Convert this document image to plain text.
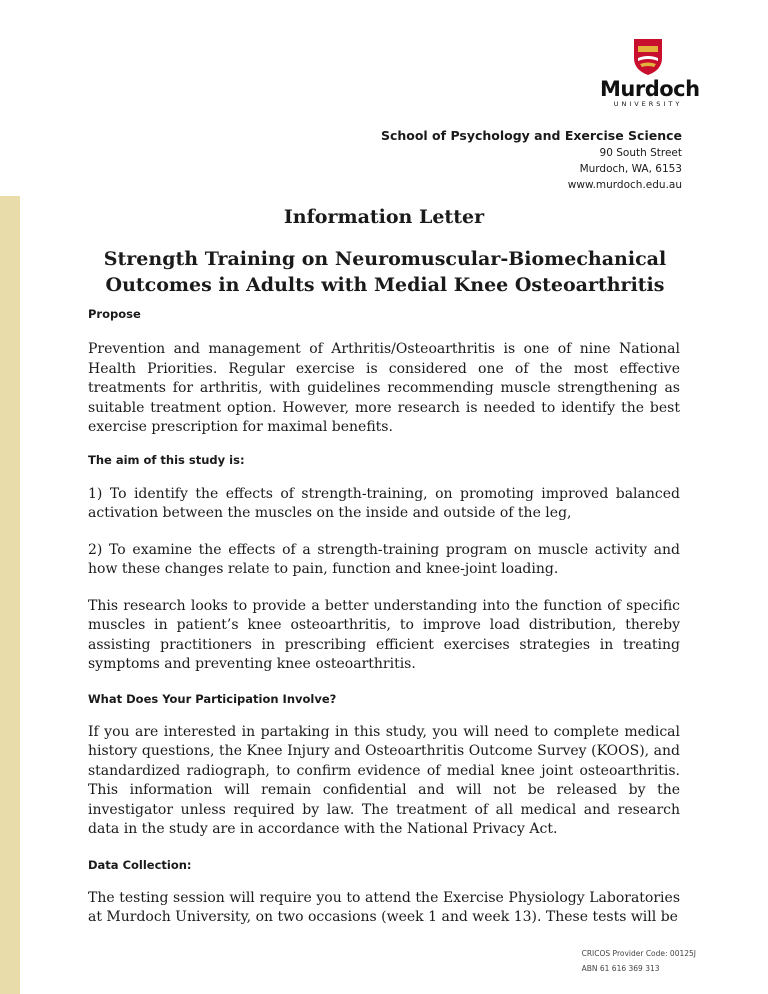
Murdoch
UNIVERSITY
School of Psychology and Exercise Science
90 South Street
Murdoch, WA, 6153
www.murdoch.edu.au
Information Letter
Strength Training on Neuromuscular-Biomechanical Outcomes in Adults with Medial Knee Osteoarthritis

Propose

Prevention and management of Arthritis/Osteoarthritis is one of nine National Health Priorities. Regular exercise is considered one of the most effective treatments for arthritis, with guidelines recommending muscle strengthening as suitable treatment option. However, more research is needed to identify the best exercise prescription for maximal benefits.

The aim of this study is:

1) To identify the effects of strength-training, on promoting improved balanced activation between the muscles on the inside and outside of the leg,

2) To examine the effects of a strength-training program on muscle activity and how these changes relate to pain, function and knee-joint loading.

This research looks to provide a better understanding into the function of specific muscles in patient’s knee osteoarthritis, to improve load distribution, thereby assisting practitioners in prescribing efficient exercises strategies in treating symptoms and preventing knee osteoarthritis.

What Does Your Participation Involve?

If you are interested in partaking in this study, you will need to complete medical history questions, the Knee Injury and Osteoarthritis Outcome Survey (KOOS), and standardized radiograph, to confirm evidence of medial knee joint osteoarthritis. This information will remain confidential and will not be released by the investigator unless required by law. The treatment of all medical and research data in the study are in accordance with the National Privacy Act.

Data Collection:

The testing session will require you to attend the Exercise Physiology Laboratories at Murdoch University, on two occasions (week 1 and week 13). These tests will be

CRICOS Provider Code: 00125J
ABN 61 616 369 313
